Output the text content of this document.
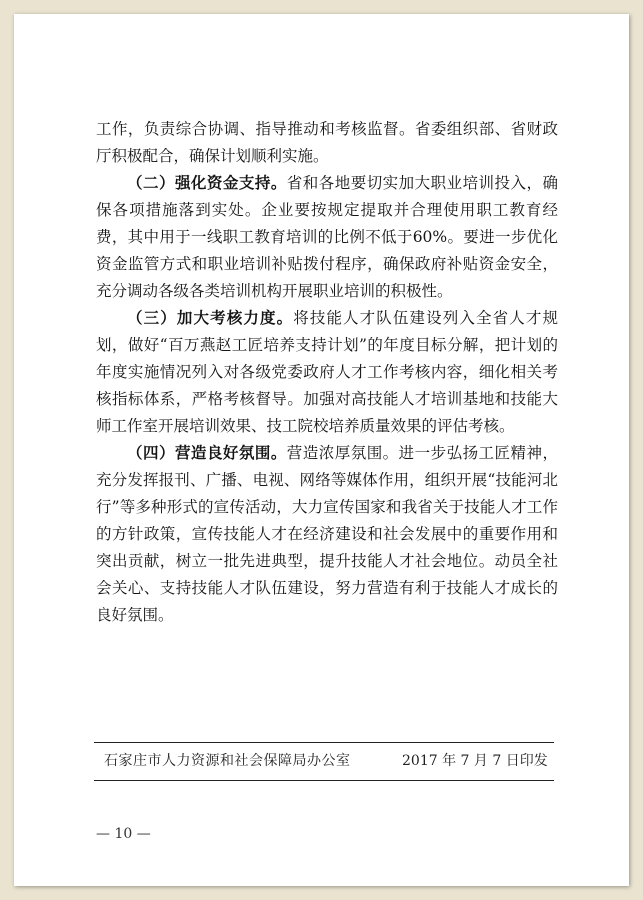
工作，负责综合协调、指导推动和考核监督。省委组织部、省财政厅积极配合，确保计划顺利实施。

（二）强化资金支持。省和各地要切实加大职业培训投入，确保各项措施落到实处。企业要按规定提取并合理使用职工教育经费，其中用于一线职工教育培训的比例不低于60%。要进一步优化资金监管方式和职业培训补贴拨付程序，确保政府补贴资金安全，充分调动各级各类培训机构开展职业培训的积极性。

（三）加大考核力度。将技能人才队伍建设列入全省人才规划，做好“百万燕赵工匠培养支持计划”的年度目标分解，把计划的年度实施情况列入对各级党委政府人才工作考核内容，细化相关考核指标体系，严格考核督导。加强对高技能人才培训基地和技能大师工作室开展培训效果、技工院校培养质量效果的评估考核。

（四）营造良好氛围。营造浓厚氛围。进一步弘扬工匠精神，充分发挥报刊、广播、电视、网络等媒体作用，组织开展“技能河北行”等多种形式的宣传活动，大力宣传国家和我省关于技能人才工作的方针政策，宣传技能人才在经济建设和社会发展中的重要作用和突出贡献，树立一批先进典型，提升技能人才社会地位。动员全社会关心、支持技能人才队伍建设，努力营造有利于技能人才成长的良好氛围。

石家庄市人力资源和社会保障局办公室	2017 年 7 月 7 日印发
— 10 —
